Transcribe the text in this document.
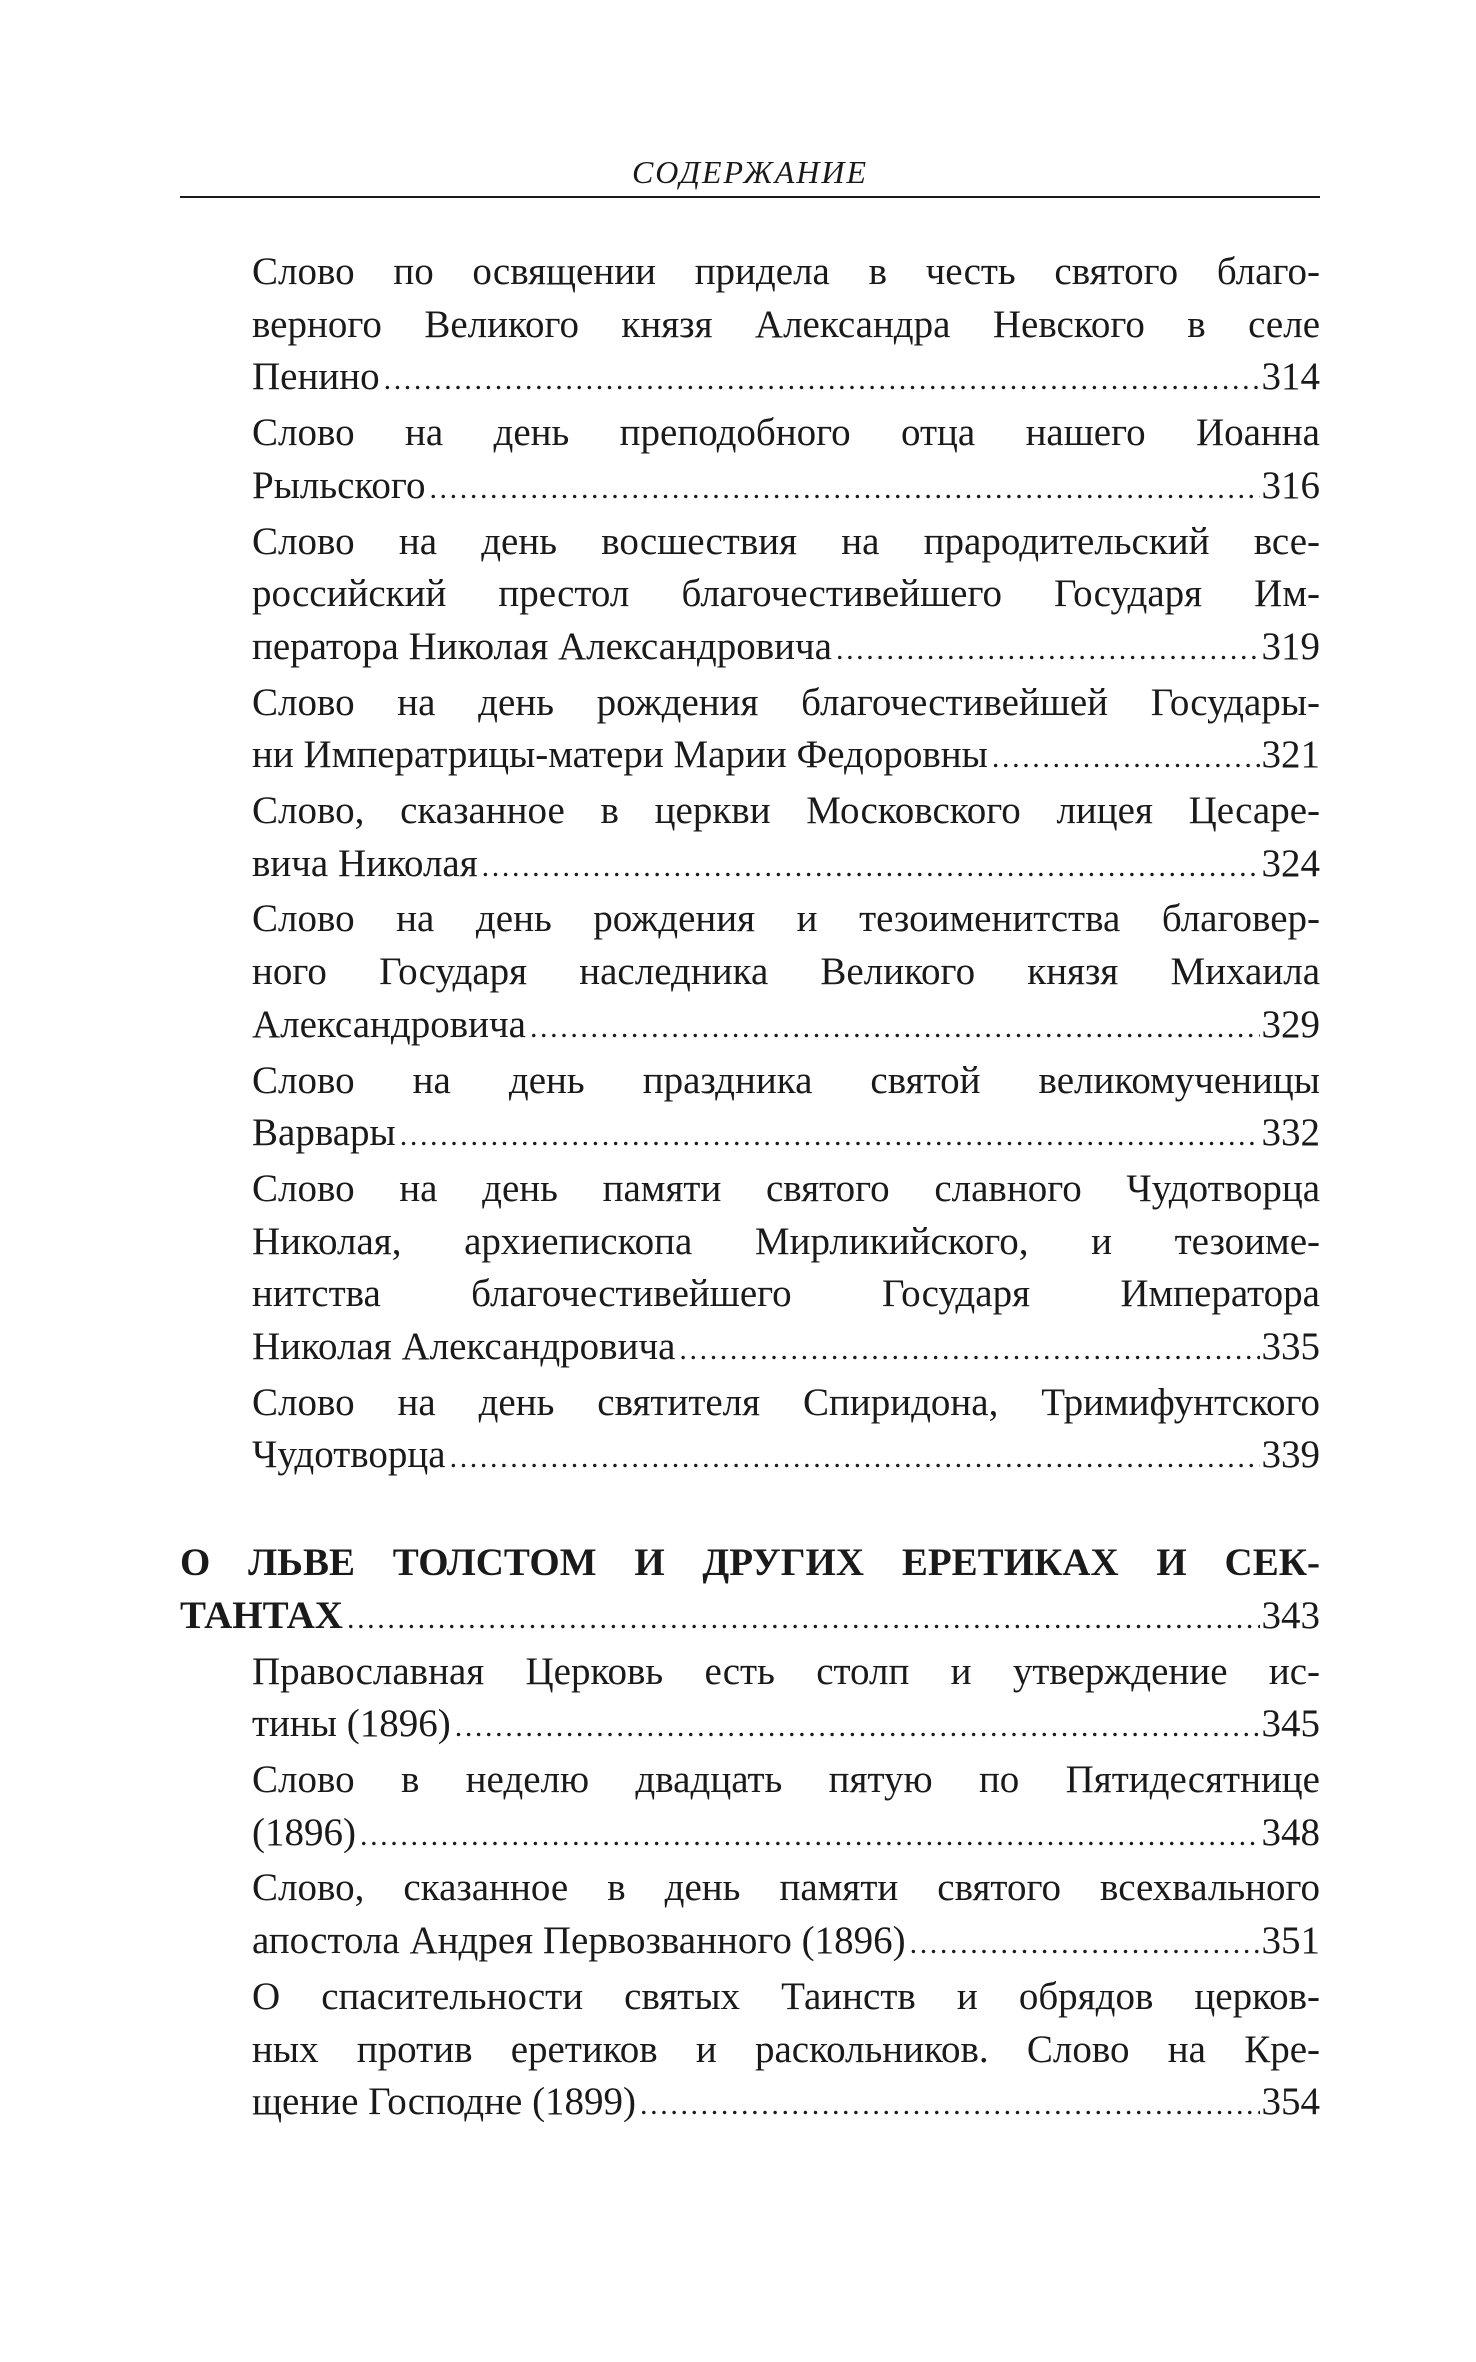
СОДЕРЖАНИЕ
Слово по освящении придела в честь святого благо-
верного Великого князя Александра Невского в селе
Пенино .....	314
Слово на день преподобного отца нашего Иоанна
Рыльского .....	316
Слово на день восшествия на прародительский все-
российский престол благочестивейшего Государя Им-
ператора Николая Александровича .....	319
Слово на день рождения благочестивейшей Государы-
ни Императрицы-матери Марии Федоровны .....	321
Слово, сказанное в церкви Московского лицея Цесаре-
вича Николая .....	324
Слово на день рождения и тезоименитства благовер-
ного Государя наследника Великого князя Михаила
Александровича .....	329
Слово на день праздника святой великомученицы
Варвары .....	332
Слово на день памяти святого славного Чудотворца
Николая, архиепископа Мирликийского, и тезоиме-
нитства благочестивейшего Государя Императора
Николая Александровича .....	335
Слово на день святителя Спиридона, Тримифунтского
Чудотворца .....	339
О ЛЬВЕ ТОЛСТОМ И ДРУГИХ ЕРЕТИКАХ И СЕК-
ТАНТАХ .....	343
Православная Церковь есть столп и утверждение ис-
тины (1896) .....	345
Слово в неделю двадцать пятую по Пятидесятнице
(1896) .....	348
Слово, сказанное в день памяти святого всехвального
апостола Андрея Первозванного (1896) .....	351
О спасительности святых Таинств и обрядов церков-
ных против еретиков и раскольников. Слово на Кре-
щение Господне (1899) .....	354
